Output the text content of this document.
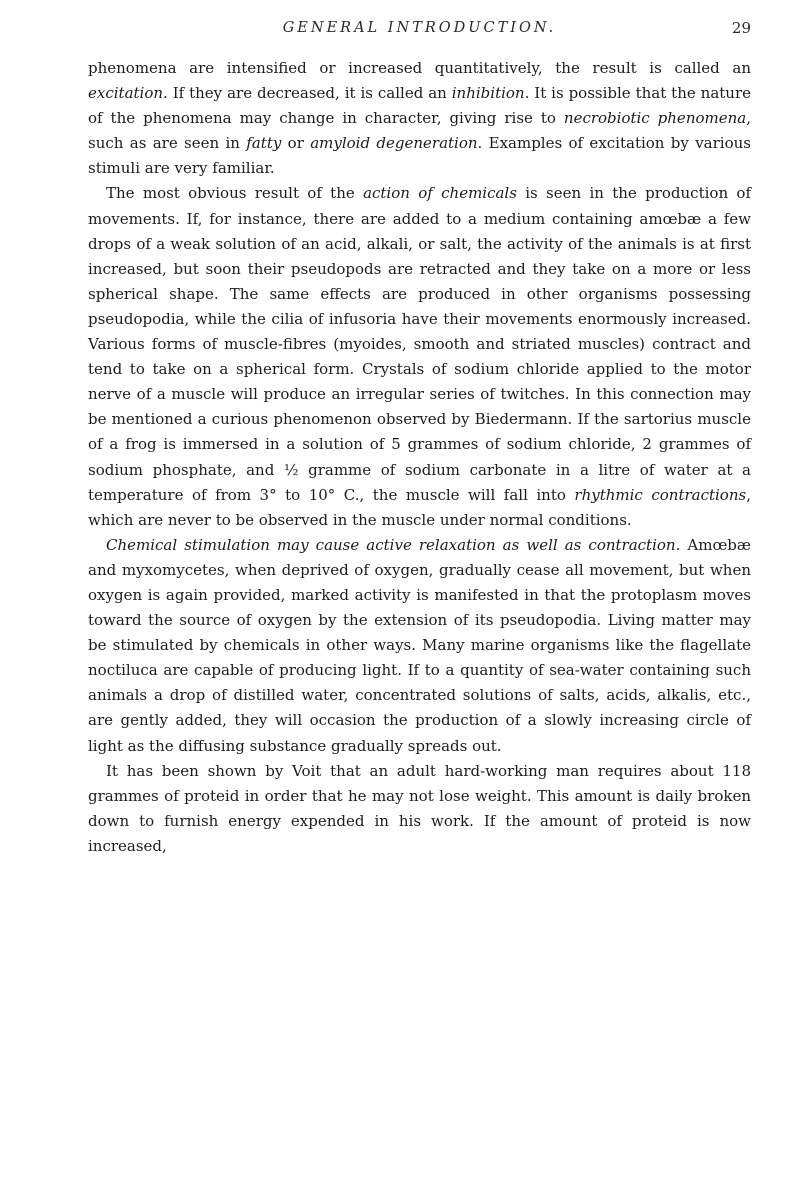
GENERAL INTRODUCTION.	29

phenomena are intensified or increased quantitatively, the result is called an excitation. If they are decreased, it is called an inhibition. It is possible that the nature of the phenomena may change in character, giving rise to necrobiotic phenomena, such as are seen in fatty or amyloid degeneration. Examples of excitation by various stimuli are very familiar.

The most obvious result of the action of chemicals is seen in the production of movements. If, for instance, there are added to a medium containing amœbæ a few drops of a weak solution of an acid, alkali, or salt, the activity of the animals is at first increased, but soon their pseudopods are retracted and they take on a more or less spherical shape. The same effects are produced in other organisms possessing pseudopodia, while the cilia of infusoria have their movements enormously increased. Various forms of muscle-fibres (myoides, smooth and striated muscles) contract and tend to take on a spherical form. Crystals of sodium chloride applied to the motor nerve of a muscle will produce an irregular series of twitches. In this connection may be mentioned a curious phenomenon observed by Biedermann. If the sartorius muscle of a frog is immersed in a solution of 5 grammes of sodium chloride, 2 grammes of sodium phosphate, and ½ gramme of sodium carbonate in a litre of water at a temperature of from 3° to 10° C., the muscle will fall into rhythmic contractions, which are never to be observed in the muscle under normal conditions.

Chemical stimulation may cause active relaxation as well as contraction. Amœbæ and myxomycetes, when deprived of oxygen, gradually cease all movement, but when oxygen is again provided, marked activity is manifested in that the protoplasm moves toward the source of oxygen by the extension of its pseudopodia. Living matter may be stimulated by chemicals in other ways. Many marine organisms like the flagellate noctiluca are capable of producing light. If to a quantity of sea-water containing such animals a drop of distilled water, concentrated solutions of salts, acids, alkalis, etc., are gently added, they will occasion the production of a slowly increasing circle of light as the diffusing substance gradually spreads out.

It has been shown by Voit that an adult hard-working man requires about 118 grammes of proteid in order that he may not lose weight. This amount is daily broken down to furnish energy expended in his work. If the amount of proteid is now increased,
